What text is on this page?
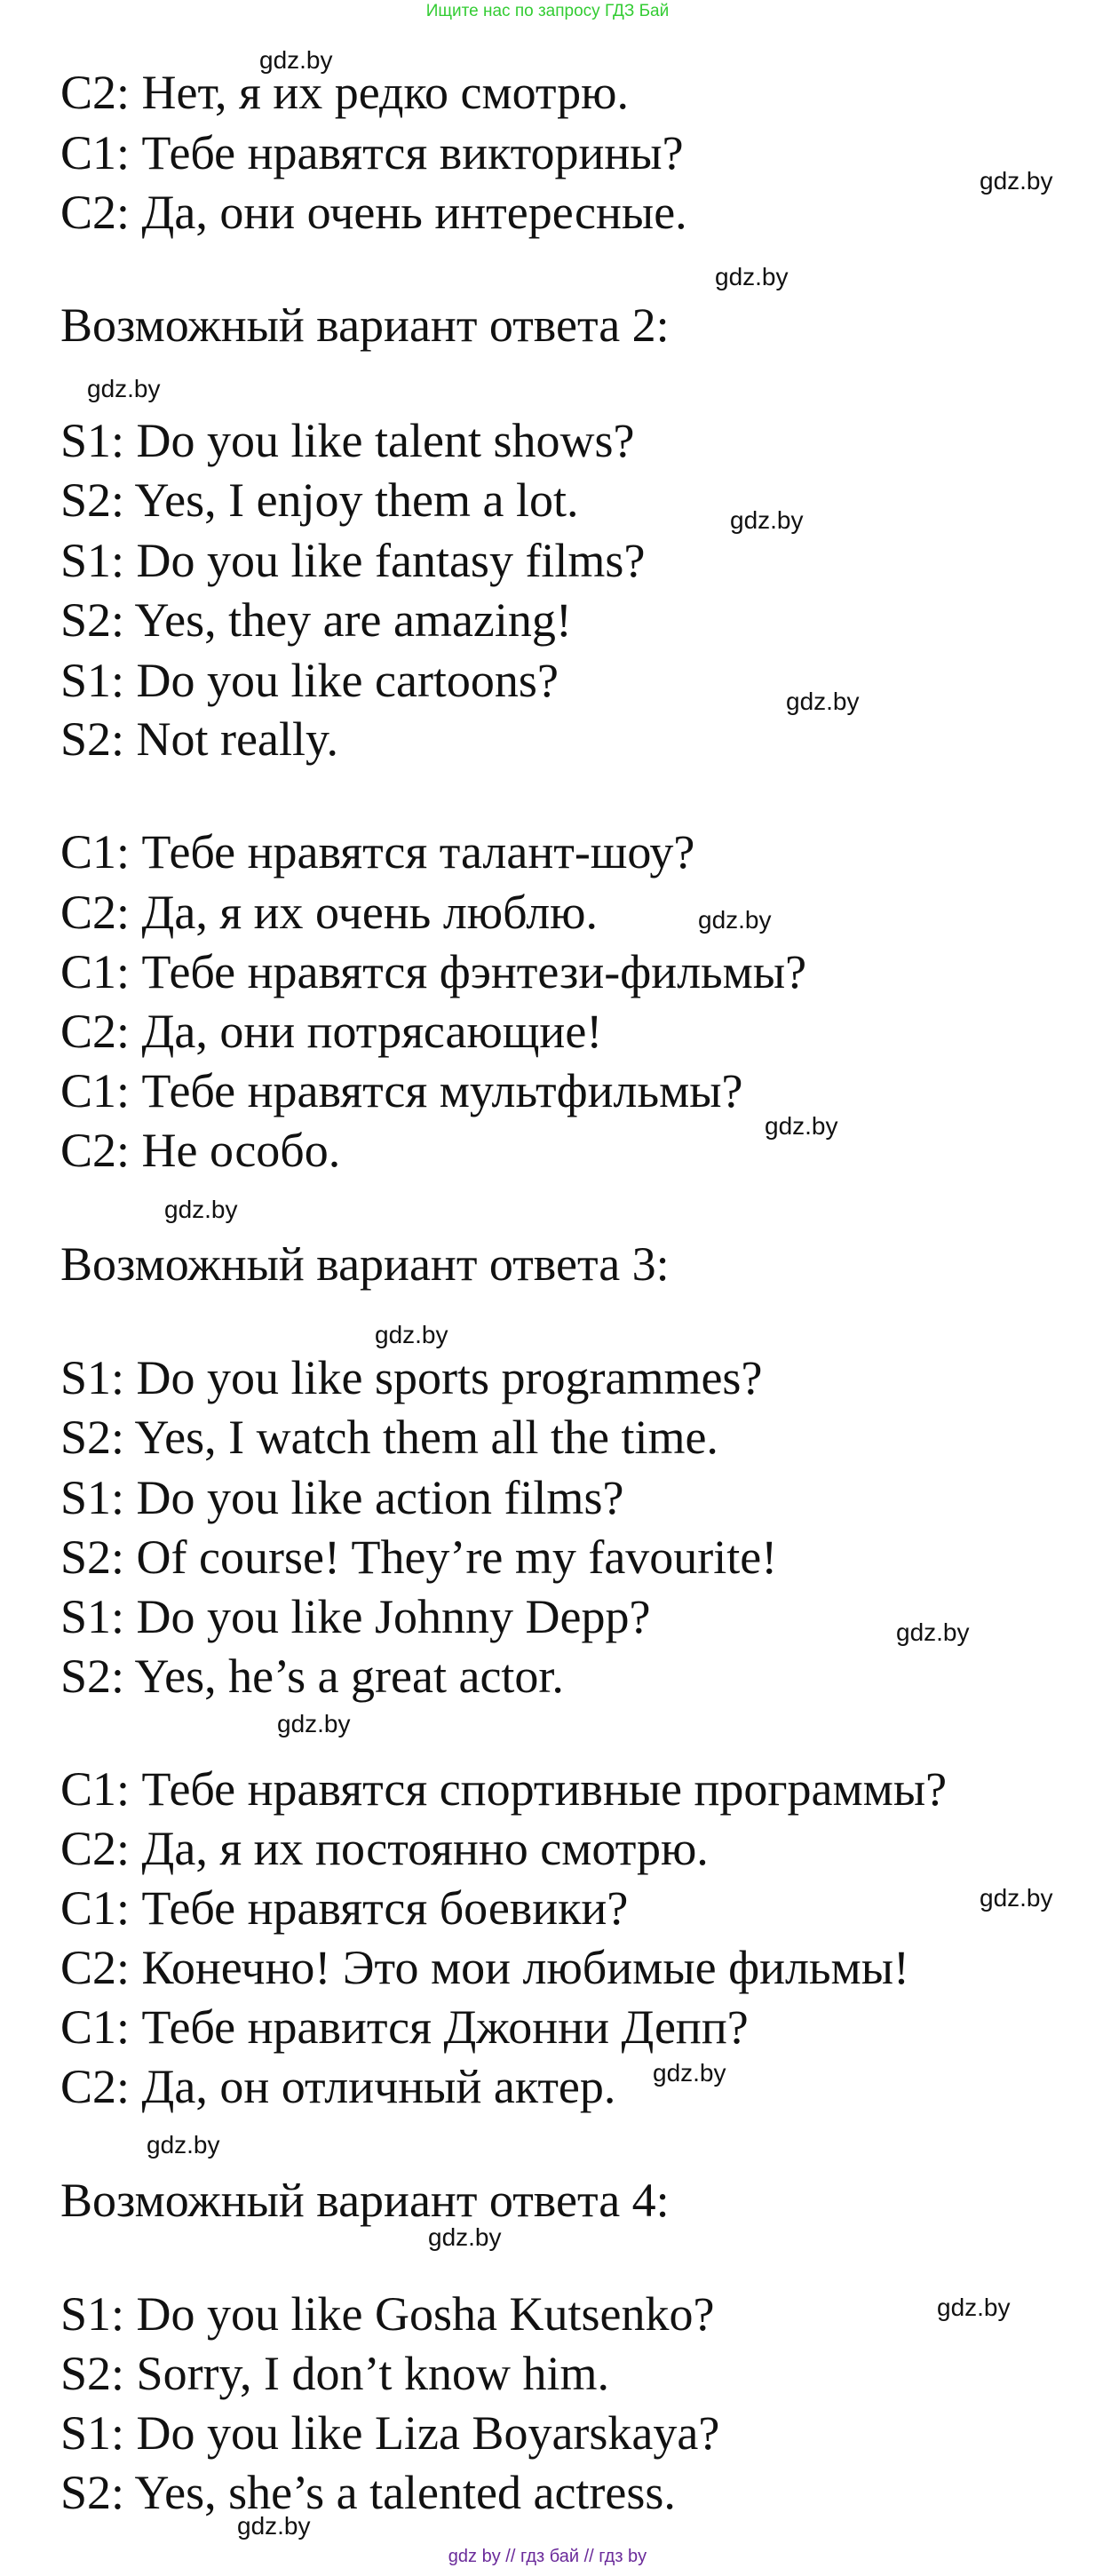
Ищите нас по запросу ГДЗ Бай
C2: Нет, я их редко смотрю.
C1: Тебе нравятся викторины?
C2: Да, они очень интересные.
Возможный вариант ответа 2:
S1: Do you like talent shows?
S2: Yes, I enjoy them a lot.
S1: Do you like fantasy films?
S2: Yes, they are amazing!
S1: Do you like cartoons?
S2: Not really.
C1: Тебе нравятся талант-шоу?
C2: Да, я их очень люблю.
C1: Тебе нравятся фэнтези-фильмы?
C2: Да, они потрясающие!
C1: Тебе нравятся мультфильмы?
C2: Не особо.
Возможный вариант ответа 3:
S1: Do you like sports programmes?
S2: Yes, I watch them all the time.
S1: Do you like action films?
S2: Of course! They’re my favourite!
S1: Do you like Johnny Depp?
S2: Yes, he’s a great actor.
C1: Тебе нравятся спортивные программы?
C2: Да, я их постоянно смотрю.
C1: Тебе нравятся боевики?
C2: Конечно! Это мои любимые фильмы!
C1: Тебе нравится Джонни Депп?
C2: Да, он отличный актер.
Возможный вариант ответа 4:
S1: Do you like Gosha Kutsenko?
S2: Sorry, I don’t know him.
S1: Do you like Liza Boyarskaya?
S2: Yes, she’s a talented actress.
gdz.by
gdz.by
gdz.by
gdz.by
gdz.by
gdz.by
gdz.by
gdz.by
gdz.by
gdz.by
gdz.by
gdz.by
gdz.by
gdz.by
gdz.by
gdz.by
gdz.by
gdz.by
gdz by // гдз бай // гдз by
